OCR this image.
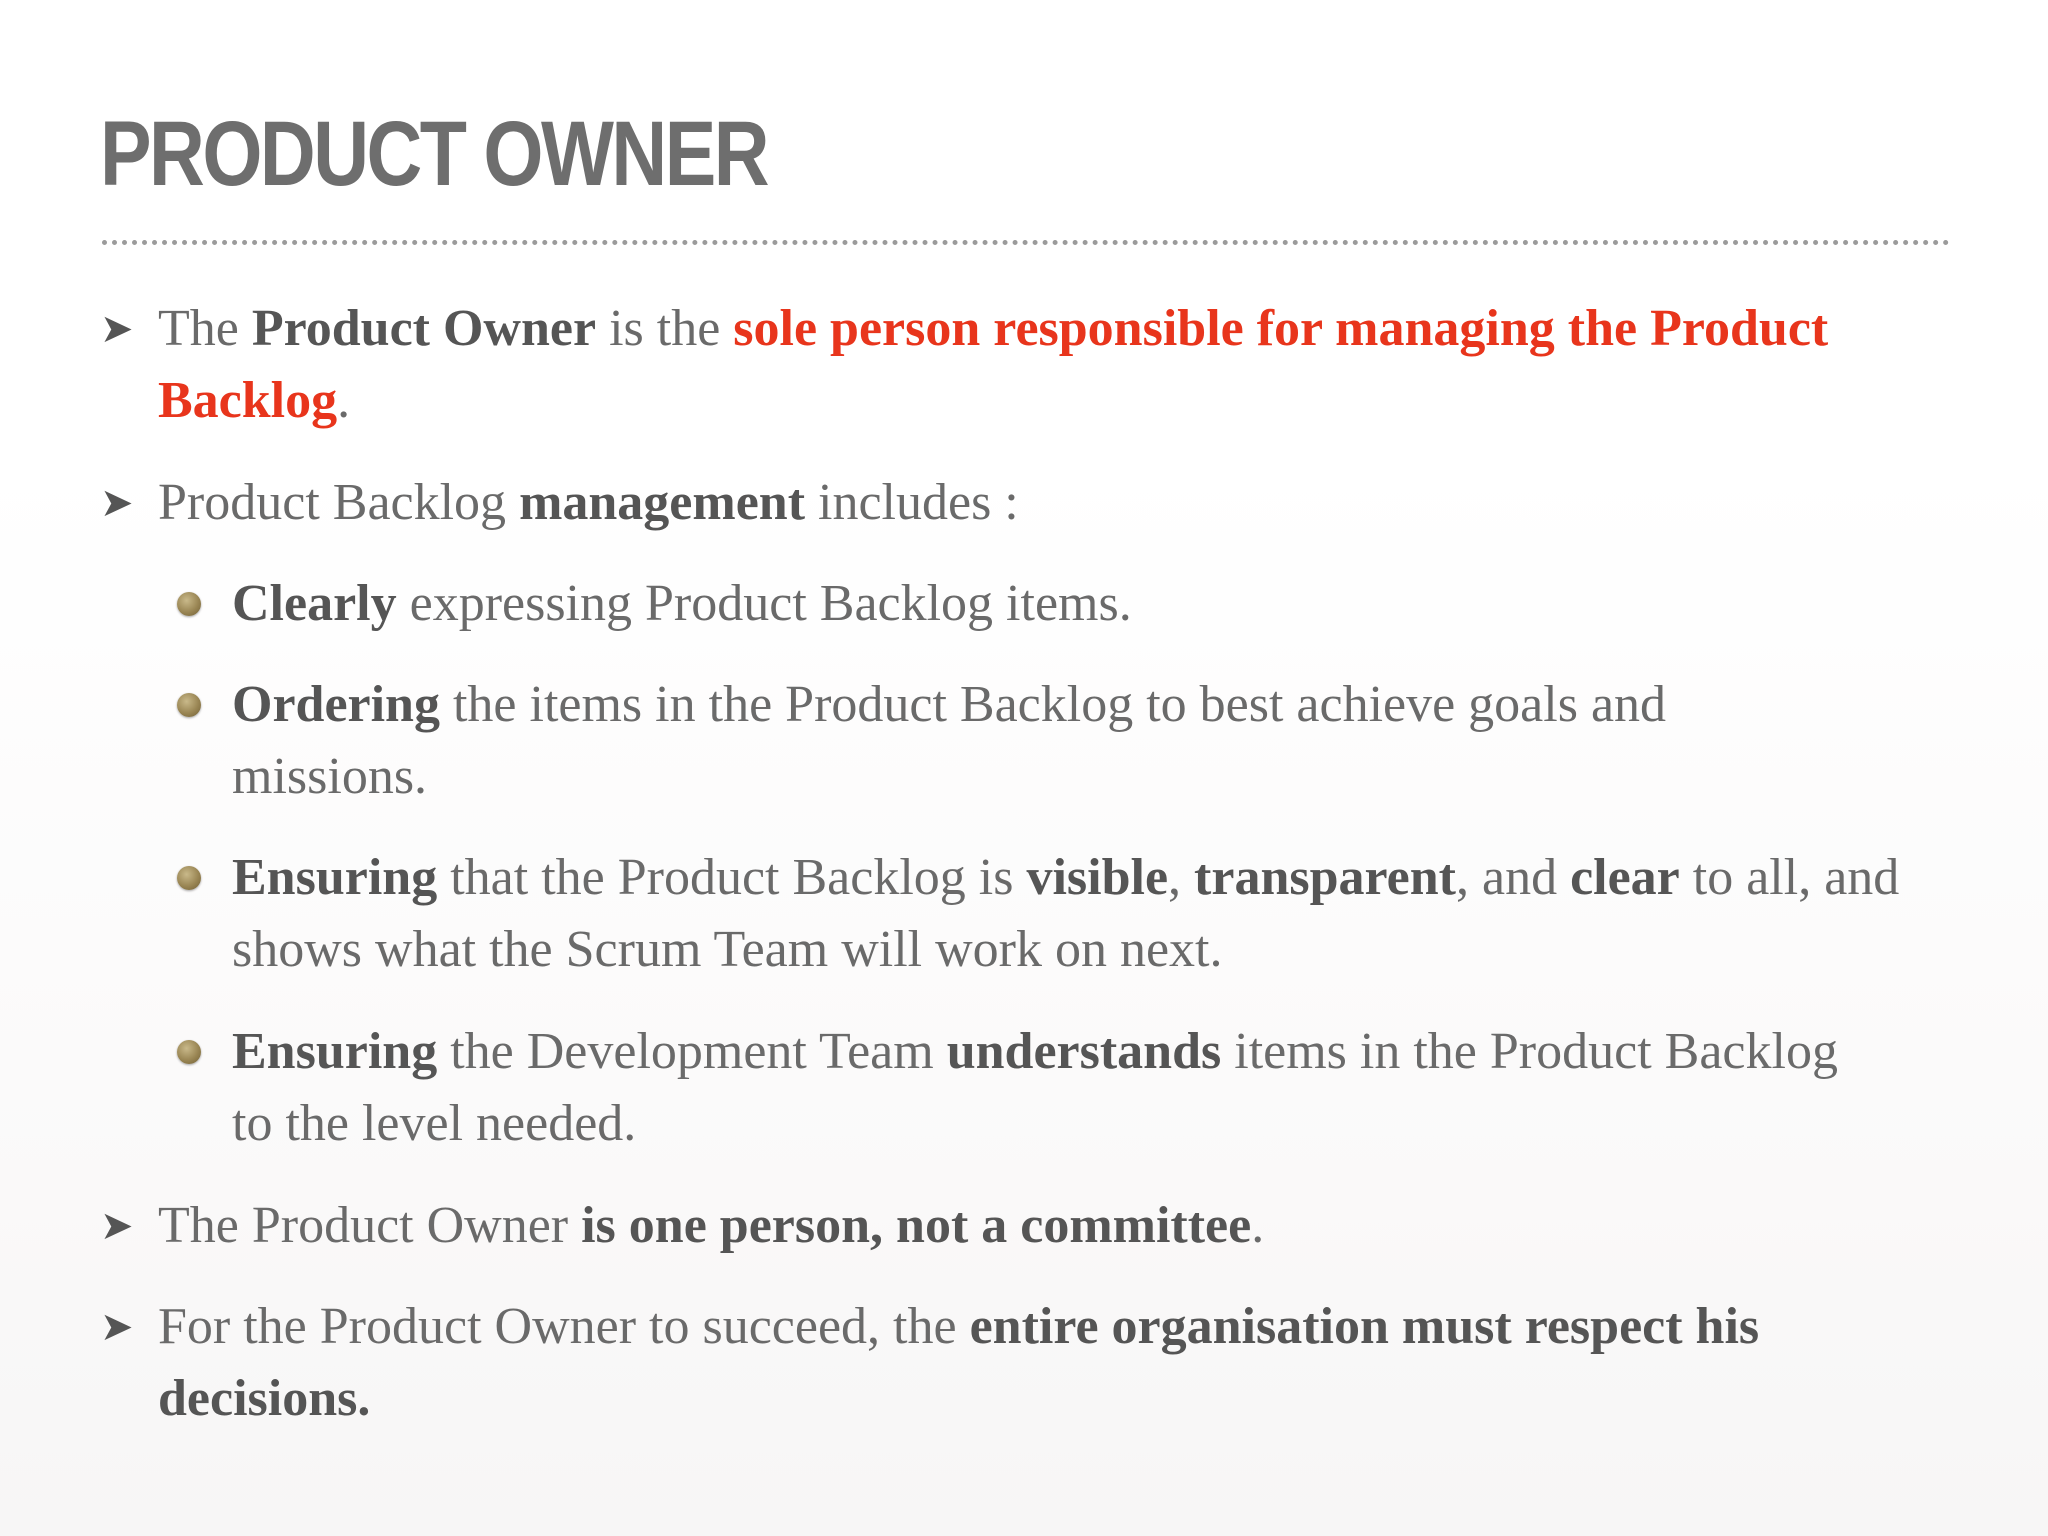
PRODUCT OWNER
➤ The Product Owner is the sole person responsible for managing the Product Backlog.

➤ Product Backlog management includes :

Clearly expressing Product Backlog items.

Ordering the items in the Product Backlog to best achieve goals and missions.

Ensuring that the Product Backlog is visible, transparent, and clear to all, and shows what the Scrum Team will work on next.

Ensuring the Development Team understands items in the Product Backlog to the level needed.

➤ The Product Owner is one person, not a committee.

➤ For the Product Owner to succeed, the entire organisation must respect his decisions.
